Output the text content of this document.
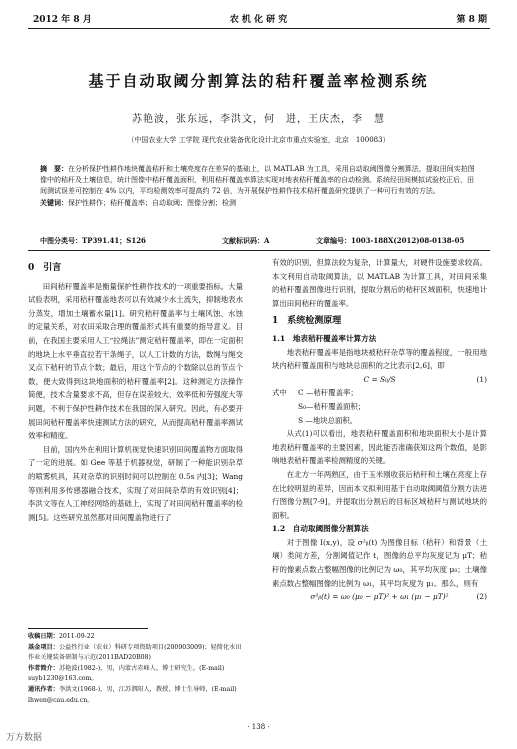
2012 年 8 月	农 机 化 研 究	第 8 期
基于自动取阈分割算法的秸秆覆盖率检测系统
苏艳波，张东远，李洪文，何　进，王庆杰，李　慧
（中国农业大学 工学院 现代农业装备优化设计北京市重点实验室，北京　100083）
摘　要：在分析保护性耕作地块覆盖秸秆和土壤亮度存在差异的基础上，以 MATLAB 为工具，采用自动取阈图像分割算法，提取田间实拍图像中的秸秆及土壤信息，统计图像中秸秆覆盖面积，利用秸秆覆盖率算法实现对地表秸秆覆盖率的自动检测。系统经田间模拟试验校正后，田间测试误差可控制在 4% 以内，平均检测效率可提高约 72 倍，为开展保护性耕作技术秸秆覆盖研究提供了一种可行有效的方法。
关键词：保护性耕作；秸秆覆盖率；自动取阈；图像分割；检测
中图分类号：TP391.41；S126	文献标识码：A	文章编号：1003-188X(2012)08-0138-05
0　引言

田间秸秆覆盖率是衡量保护性耕作技术的一项重要指标。大量试验表明，采用秸秆覆盖地表可以有效减少水土流失，抑制地表水分蒸发，增加土壤蓄水量[1]。研究秸秆覆盖率与土壤风蚀、水蚀的定量关系，对农田采取合理的覆盖形式具有重要的指导意义。目前，在我国主要采用人工“拉绳法”测定秸秆覆盖率，即在一定面积的地块上水平垂直拉若干条绳子，以人工计数的方法，数绳与绳交叉点下秸秆的节点个数；最后，用这个节点的个数除以总的节点个数，便大致得到这块地面积的秸秆覆盖率[2]。这种测定方法操作简便，技术含量要求不高，但存在误差较大、效率低和劳强度大等问题，不利于保护性耕作技术在我国的深入研究。因此，有必要开展田间秸秆覆盖率快速测试方法的研究，从而提高秸秆覆盖率测试效率和精度。

目前，国内外在利用计算机视觉快速识别田间覆盖物方面取得了一定的进展。如 Gee 等基于机器视觉，研制了一种能识别杂草的喷雾机具，其对杂草的识别时间可以控制在 0.5s 内[3]；Wang 等则利用多传感器融合技术，实现了对田间杂草的有效识别[4]；李洪文等在人工神经网络的基础上，实现了对田间秸秆覆盖率的检测[5]。这些研究虽然都对田间覆盖物进行了

有效的识别，但算法较为复杂，计算量大，对硬件设施要求较高。本文利用自动取阈算法，以 MATLAB 为计算工具，对田间采集的秸秆覆盖图像进行识别，提取分割后的秸秆区域面积，快速地计算出田间秸秆的覆盖率。

1　系统检测原理
1.1　地表秸秆覆盖率计算方法

地表秸秆覆盖率是指地块被秸秆杂草等的覆盖程度，一般用地块内秸秆覆盖面积与地块总面积的之比表示[2,6]，即

C = S₀/S	(1)
式中	C —秸秆覆盖率；
S₀—秸秆覆盖面积；
S —地块总面积。

从式(1)可以看出，地表秸秆覆盖面积和地块面积大小是计算地表秸秆覆盖率的主要因素，因此能否准确获知这两个数值，是影响地表秸秆覆盖率检测精度的关键。

在北方一年两熟区，由于玉米刚收获后秸秆和土壤在亮度上存在比较明显的差异，因而本文拟利用基于自动取阈阈值分割方法进行图像分割[7-9]，并提取出分割后的目标区域秸秆与测试地块的面积。

1.2　自动取阈图像分割算法

对于图像 I(x,y)，设 σ²ᵦ(t) 为图像目标（秸秆）和背景（土壤）类间方差，分割阈值记作 t，图像的总平均灰度记为 μT；秸秆的像素点数占整幅图像的比例记为 ω₀，其平均灰度 μ₀；土壤像素点数占整幅图像的比例为 ω₁，其平均灰度为 μ₁。那么，则有

σ²ᵦ(t) = ω₀ (μ₀ − μT)² + ω₁ (μ₁ − μT)²	(2)
收稿日期：2011-09-22
基金项目：公益性行业（农业）科研专项资助项目(200903009)；轻简化水田作业关键装备研制与示范(2011BAD20B08)
作者简介：苏艳波(1982-)，男，内蒙古赤峰人，博士研究生，(E-mail) suyb1230@163.com。
通讯作者：李洪文(1968-)，男，江苏泗阳人，教授，博士生导师，(E-mail) lhwen@cau.edu.cn。
· 138 ·
万方数据
